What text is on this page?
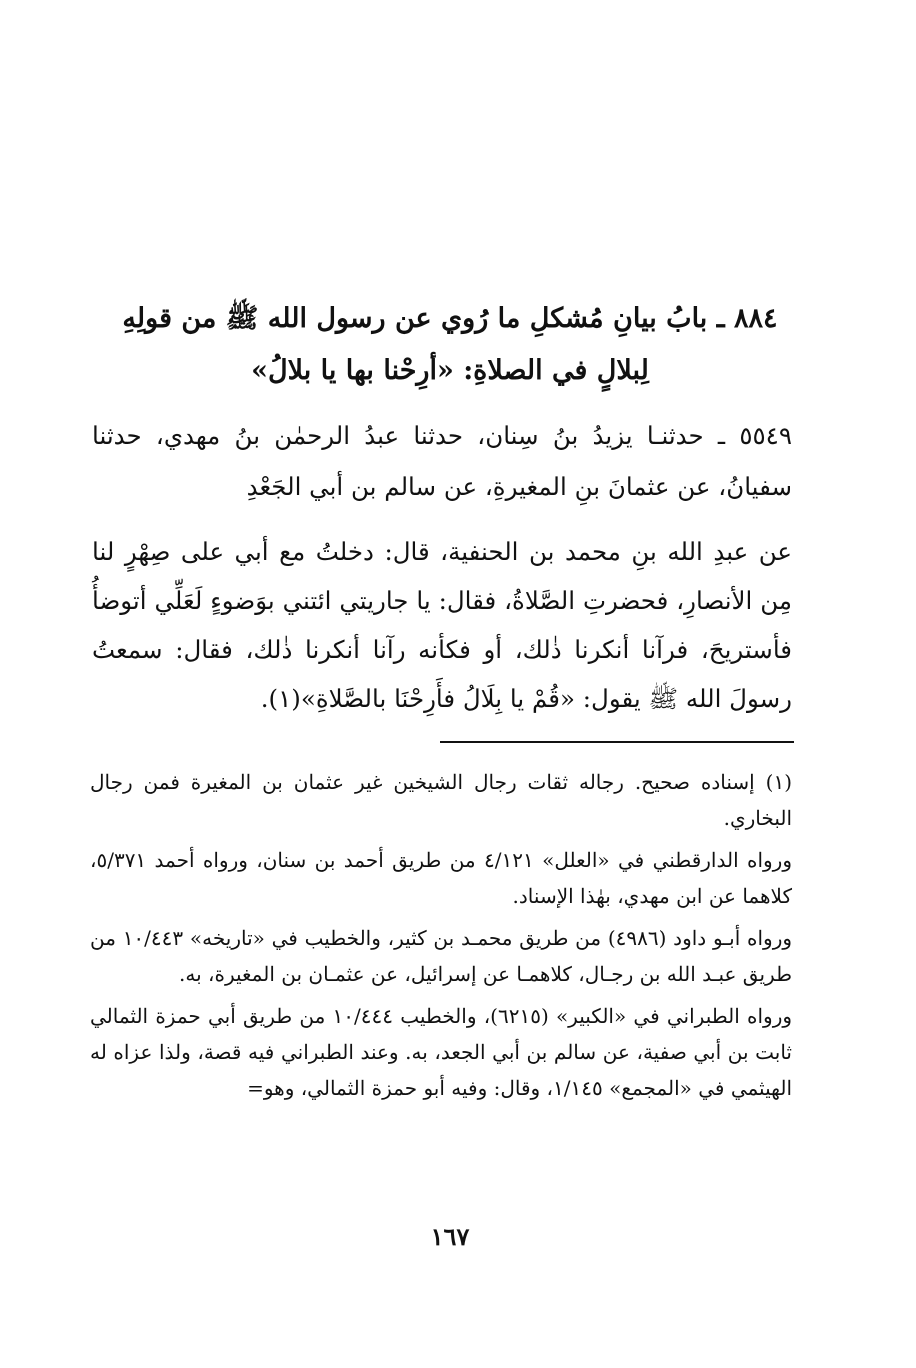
٨٨٤ ـ بابُ بيانِ مُشكلِ ما رُوي عن رسول الله ﷺ من قولِهِ لِبلالٍ في الصلاةِ: «أرِحْنا بها يا بلالُ»

٥٥٤٩ ـ حدثنـا يزيدُ بنُ سِنان، حدثنا عبدُ الرحمٰن بنُ مهدي، حدثنا سفيانُ، عن عثمانَ بنِ المغيرةِ، عن سالم بن أبي الجَعْدِ

عن عبدِ الله بنِ محمد بن الحنفية، قال: دخلتُ مع أبي على صِهْرٍ لنا مِن الأنصارِ، فحضرتِ الصَّلاةُ، فقال: يا جاريتي ائتني بوَضوءٍ لَعَلِّي أتوضأُ فأستريحَ، فرآنا أنكرنا ذٰلك، أو فكأنه رآنا أنكرنا ذٰلك، فقال: سمعتُ رسولَ الله ﷺ يقول: «قُمْ يا بِلَالُ فأَرِحْنَا بالصَّلاةِ»(١).

(١) إسناده صحيح. رجاله ثقات رجال الشيخين غير عثمان بن المغيرة فمن رجال البخاري.

ورواه الدارقطني في «العلل» ٤/١٢١ من طريق أحمد بن سنان، ورواه أحمد ٥/٣٧١، كلاهما عن ابن مهدي، بهٰذا الإسناد.

ورواه أبـو داود (٤٩٨٦) من طريق محمـد بن كثير، والخطيب في «تاريخه» ١٠/٤٤٣ من طريق عبـد الله بن رجـال، كلاهمـا عن إسرائيل، عن عثمـان بن المغيرة، به.

ورواه الطبراني في «الكبير» (٦٢١٥)، والخطيب ١٠/٤٤٤ من طريق أبي حمزة الثمالي ثابت بن أبي صفية، عن سالم بن أبي الجعد، به. وعند الطبراني فيه قصة، ولذا عزاه له الهيثمي في «المجمع» ١/١٤٥، وقال: وفيه أبو حمزة الثمالي، وهو=

١٦٧
